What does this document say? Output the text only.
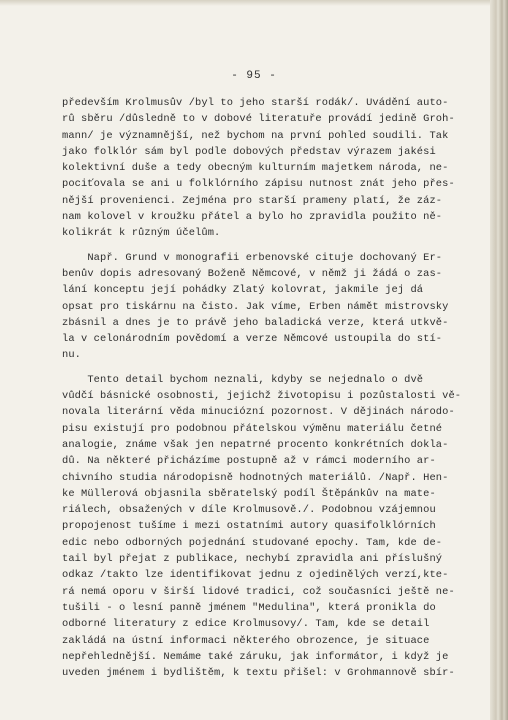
- 95 -
především Krolmusův /byl to jeho starší rodák/. Uvádění auto-
rů sběru /důsledně to v dobové literatuře provádí jedině Groh-
mann/ je významnější, než bychom na první pohled soudili. Tak
jako folklór sám byl podle dobových představ výrazem jakési
kolektivní duše a tedy obecným kulturním majetkem národa, ne-
pociťovala se ani u folklórního zápisu nutnost znát jeho přes-
nější provenienci. Zejména pro starší prameny platí, že záz-
nam kolovel v kroužku přátel a bylo ho zpravidla použito ně-
kolikrát k různým účelům.
Např. Grund v monografii erbenovské cituje dochovaný Er-
benův dopis adresovaný Boženě Němcové, v němž ji žádá o zas-
lání konceptu její pohádky Zlatý kolovrat, jakmile jej dá
opsat pro tiskárnu na čisto. Jak víme, Erben námět mistrovsky
zbásnil a dnes je to právě jeho baladická verze, která utkvě-
la v celonárodním povědomí a verze Němcové ustoupila do stí-
nu.
Tento detail bychom neznali, kdyby se nejednalo o dvě
vůdčí básnické osobnosti, jejichž životopisu i pozůstalosti vě-
novala literární věda minuciózní pozornost. V dějinách národo-
pisu existují pro podobnou přátelskou výměnu materiálu četné
analogie, známe však jen nepatrné procento konkrétních dokla-
dů. Na některé přicházíme postupně až v rámci moderního ar-
chivního studia národopisně hodnotných materiálů. /Např. Hen-
ke Müllerová objasnila sběratelský podíl Štěpánkův na mate-
riálech, obsažených v díle Krolmusově./. Podobnou vzájemnou
propojenost tušíme i mezi ostatními autory quasifolklórních
edic nebo odborných pojednání studované epochy. Tam, kde de-
tail byl přejat z publikace, nechybí zpravidla ani příslušný
odkaz /takto lze identifikovat jednu z ojedinělých verzí,kte-
rá nemá oporu v širší lidové tradici, což současníci ještě ne-
tušili - o lesní panně jménem "Medulina", která pronikla do
odborné literatury z edice Krolmusovy/. Tam, kde se detail
zakládá na ústní informaci některého obrozence, je situace
nepřehlednější. Nemáme také záruku, jak informátor, i když je
uveden jménem i bydlištěm, k textu přišel: v Grohmannově sbír-
